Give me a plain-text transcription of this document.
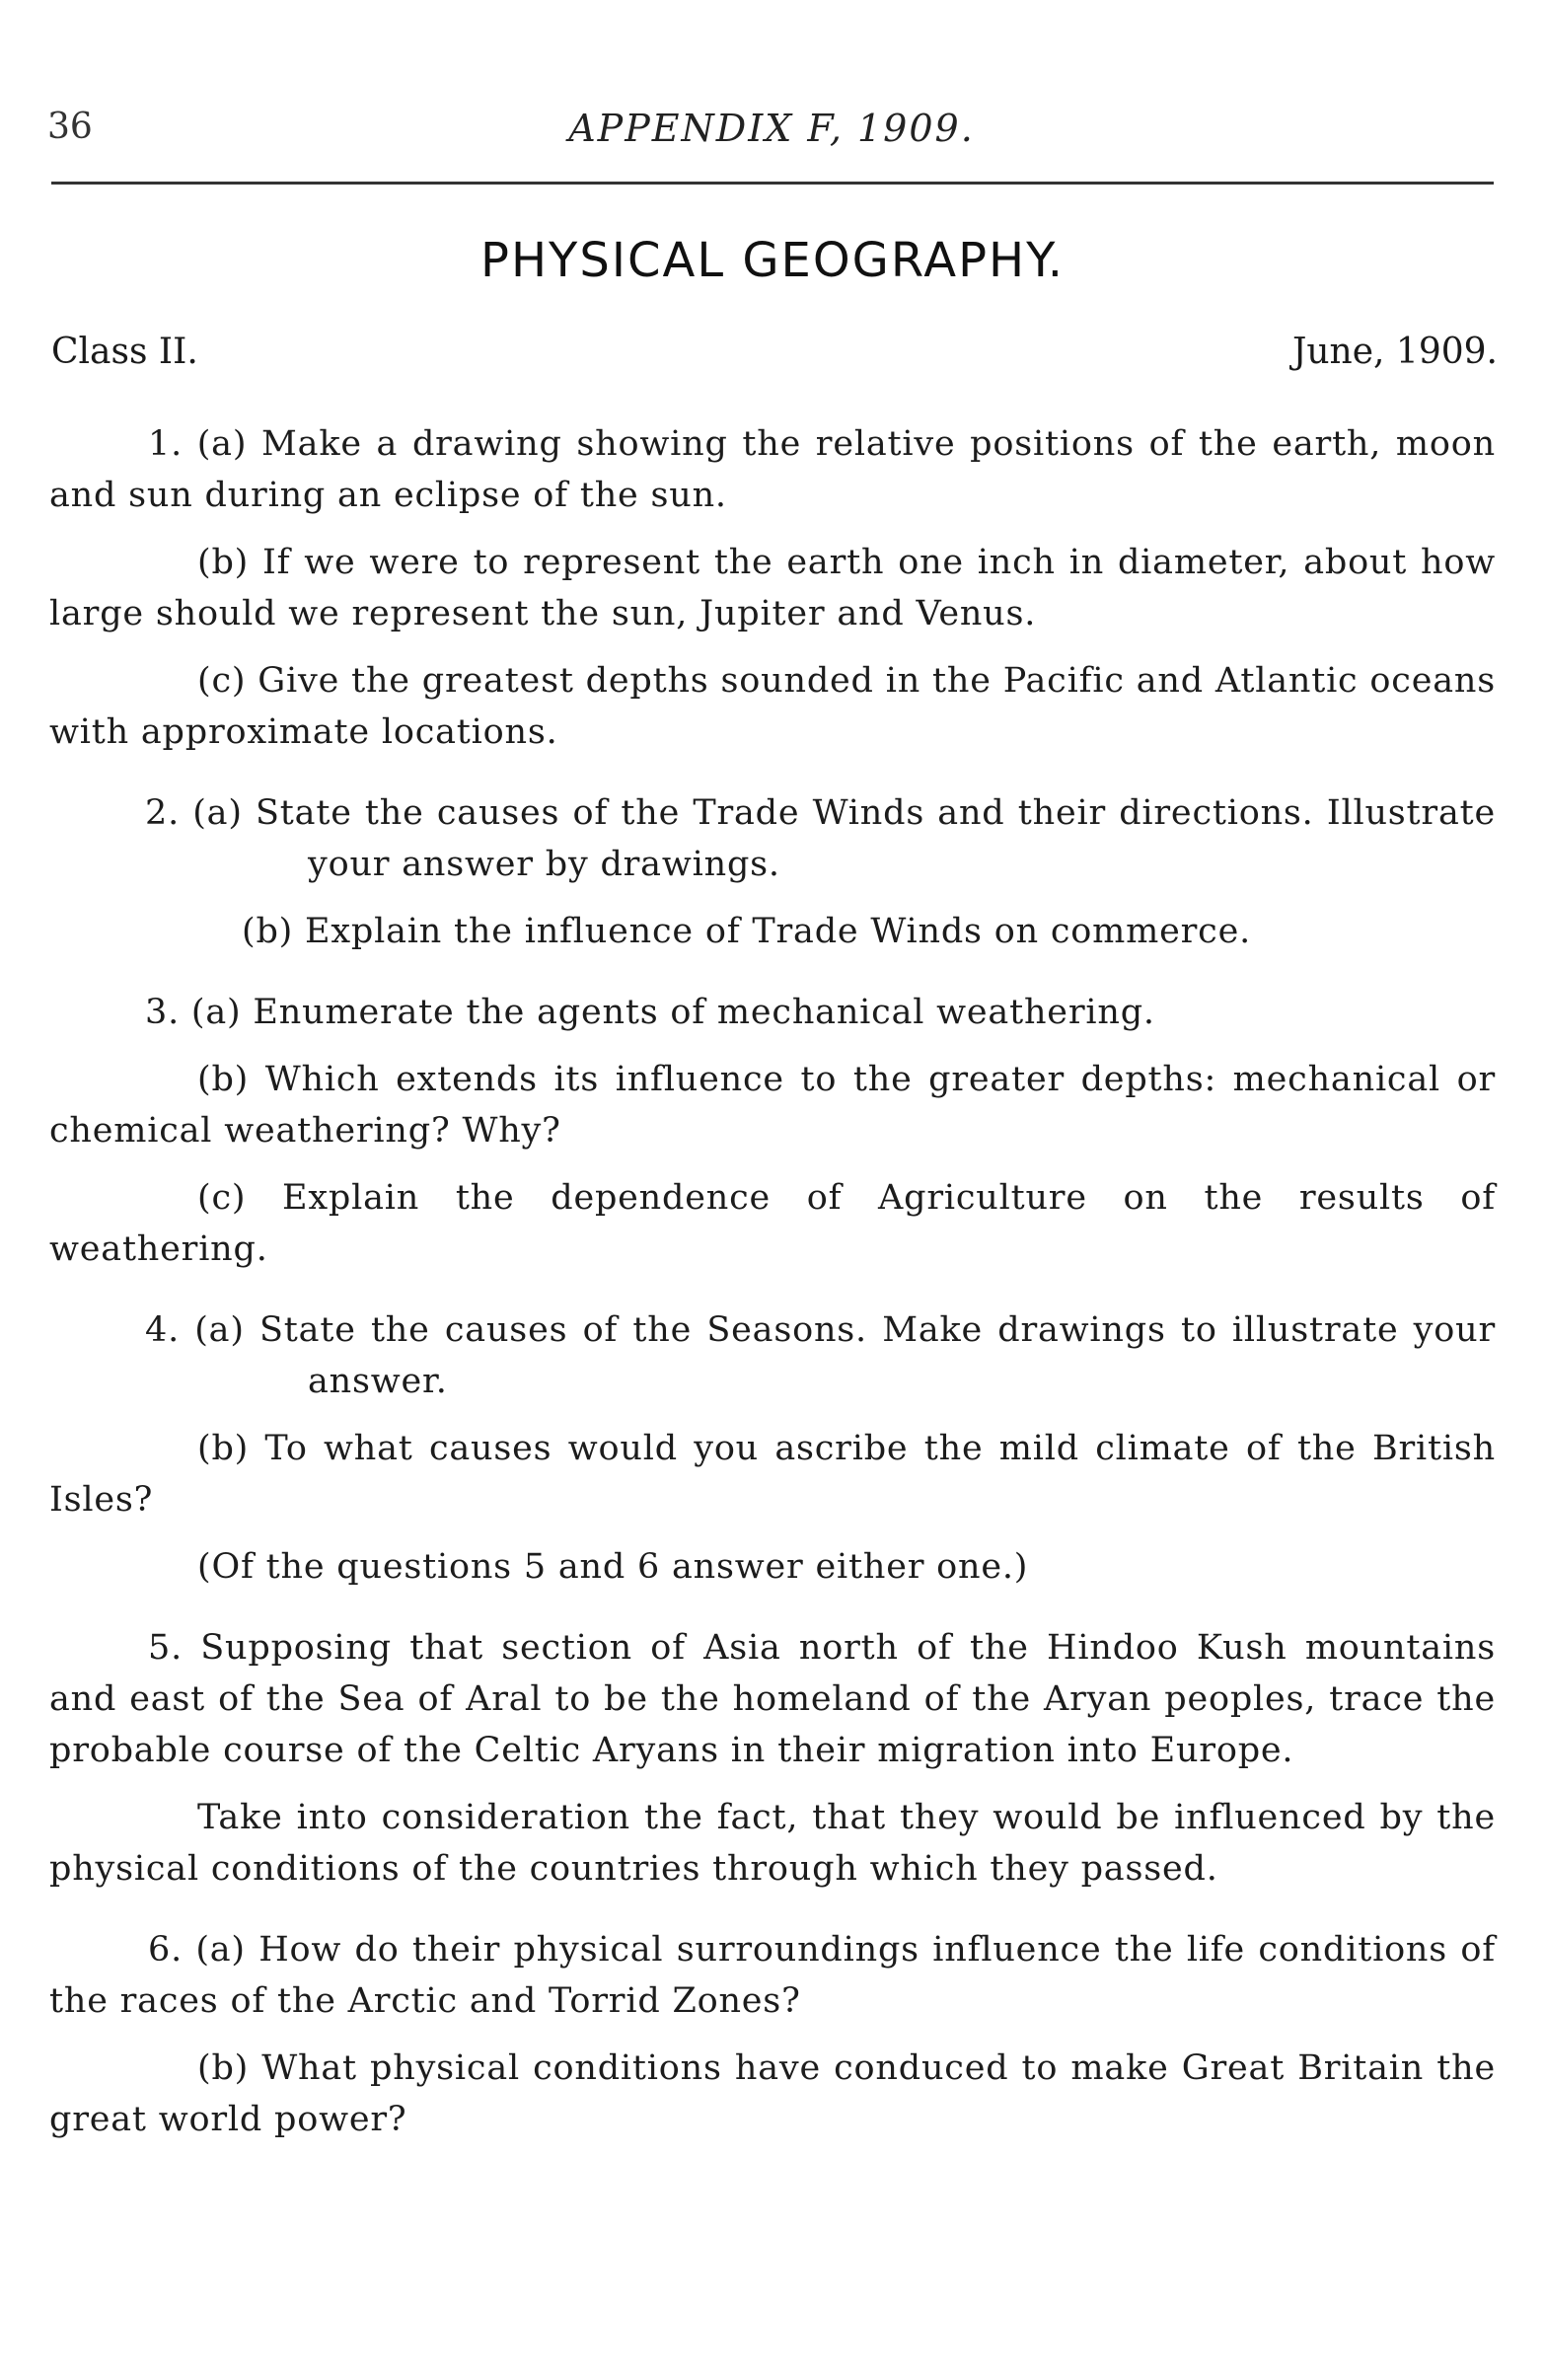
36	APPENDIX F, 1909.
PHYSICAL GEOGRAPHY.
Class II.	June, 1909.

1. (a) Make a drawing showing the relative positions of the earth, moon and sun during an eclipse of the sun.

(b) If we were to represent the earth one inch in diameter, about how large should we represent the sun, Jupiter and Venus.

(c) Give the greatest depths sounded in the Pacific and Atlantic oceans with approximate locations.

2. (a) State the causes of the Trade Winds and their directions. Illustrate your answer by drawings.

(b) Explain the influence of Trade Winds on commerce.

3. (a) Enumerate the agents of mechanical weathering.

(b) Which extends its influence to the greater depths: mechanical or chemical weathering? Why?

(c) Explain the dependence of Agriculture on the results of weathering.

4. (a) State the causes of the Seasons. Make drawings to illustrate your answer.

(b) To what causes would you ascribe the mild climate of the British Isles?

(Of the questions 5 and 6 answer either one.)

5. Supposing that section of Asia north of the Hindoo Kush mountains and east of the Sea of Aral to be the homeland of the Aryan peoples, trace the probable course of the Celtic Aryans in their migration into Europe.

Take into consideration the fact, that they would be influenced by the physical conditions of the countries through which they passed.

6. (a) How do their physical surroundings influence the life conditions of the races of the Arctic and Torrid Zones?

(b) What physical conditions have conduced to make Great Britain the great world power?
